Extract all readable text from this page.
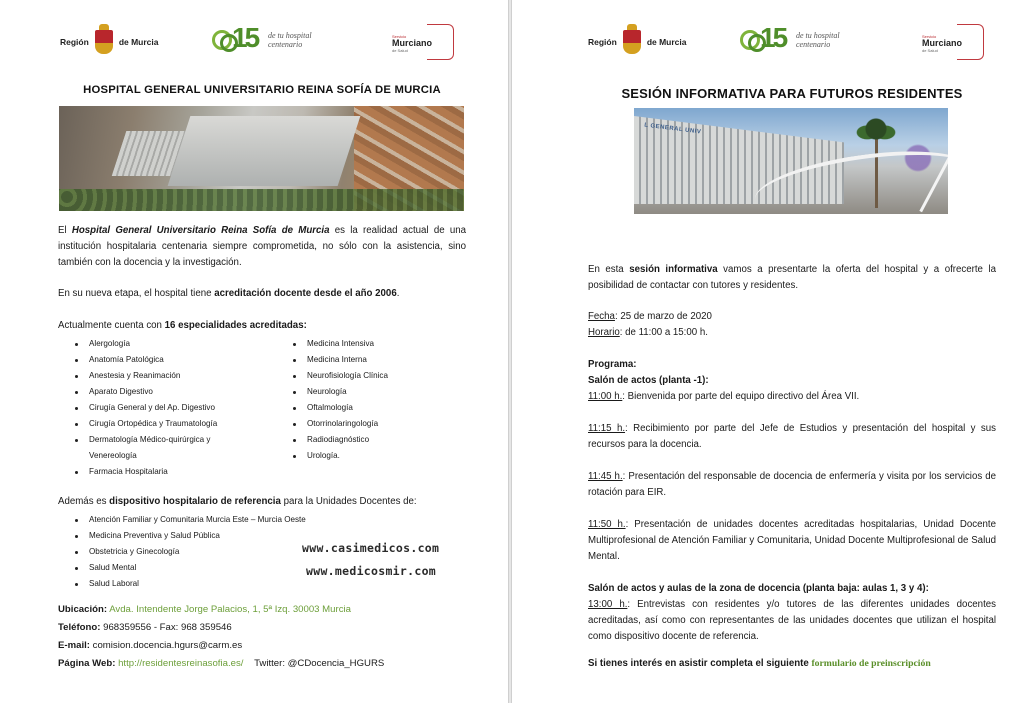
Región	de Murcia	15 de tu hospital
centenario
Servicio
Murciano
de Salud
HOSPITAL GENERAL UNIVERSITARIO REINA SOFÍA DE MURCIA
El Hospital General Universitario Reina Sofía de Murcia es la realidad actual de una institución hospitalaria centenaria siempre comprometida, no sólo con la asistencia, sino también con la docencia y la investigación.
En su nueva etapa, el hospital tiene acreditación docente desde el año 2006.
Actualmente cuenta con 16 especialidades acreditadas:
Alergología
Anatomía Patológica
Anestesia y Reanimación
Aparato Digestivo
Cirugía General y del Ap. Digestivo
Cirugía Ortopédica y Traumatología
Dermatología Médico-quirúrgica y
Venereología
Farmacia Hospitalaria
Medicina Intensiva
Medicina Interna
Neurofisiología Clínica
Neurología
Oftalmología
Otorrinolaringología
Radiodiagnóstico
Urología.
Además es dispositivo hospitalario de referencia para la Unidades Docentes de:
Atención Familiar y Comunitaria Murcia Este – Murcia Oeste
Medicina Preventiva y Salud Pública
Obstetricia y Ginecología
Salud Mental
Salud Laboral
www.casimedicos.com
www.medicosmir.com
Ubicación: Avda. Intendente Jorge Palacios, 1, 5ª Izq. 30003 Murcia
Teléfono: 968359556 - Fax: 968 359546
E-mail: comision.docencia.hgurs@carm.es
Página Web: http://residentesreinasofia.es/ Twitter: @CDocencia_HGURS
Región	de Murcia	15 de tu hospital
centenario
Servicio
Murciano
de Salud
SESIÓN INFORMATIVA PARA FUTUROS RESIDENTES
L GENERAL UNIV
En esta sesión informativa vamos a presentarte la oferta del hospital y a ofrecerte la posibilidad de contactar con tutores y residentes.
Fecha: 25 de marzo de 2020
Horario: de 11:00 a 15:00 h.
Programa:
Salón de actos (planta -1):
11:00 h.: Bienvenida por parte del equipo directivo del Área VII.
11:15 h.: Recibimiento por parte del Jefe de Estudios y presentación del hospital y sus recursos para la docencia.
11:45 h.: Presentación del responsable de docencia de enfermería y visita por los servicios de rotación para EIR.
11:50 h.: Presentación de unidades docentes acreditadas hospitalarias, Unidad Docente Multiprofesional de Atención Familiar y Comunitaria, Unidad Docente Multiprofesional de Salud Mental.
Salón de actos y aulas de la zona de docencia (planta baja: aulas 1, 3 y 4):
13:00 h.: Entrevistas con residentes y/o tutores de las diferentes unidades docentes acreditadas, así como con representantes de las unidades docentes que utilizan el hospital como dispositivo docente de referencia.
Si tienes interés en asistir completa el siguiente formulario de preinscripción
